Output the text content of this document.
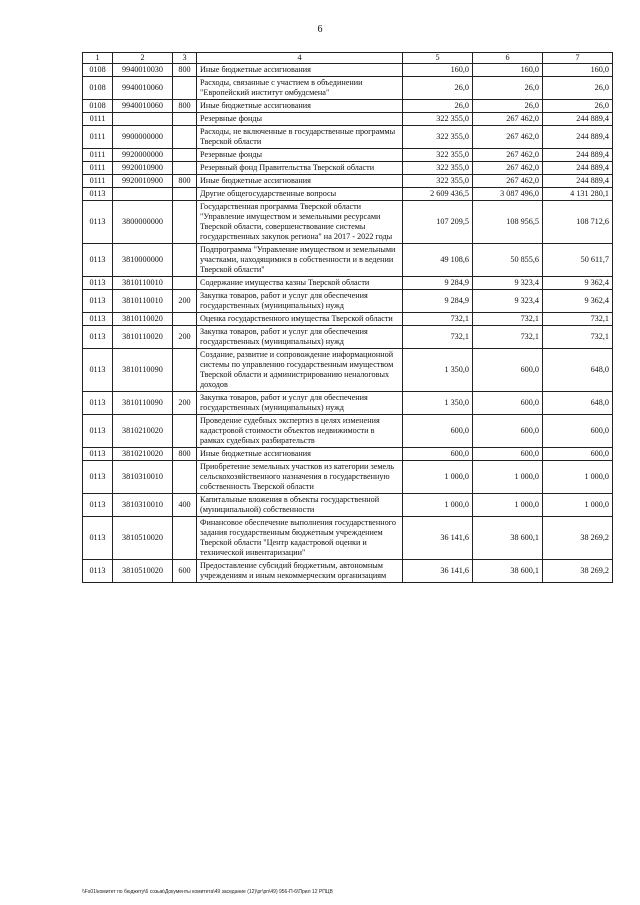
6
1	2	3	4	5	6	7
0108	9940010030	800	Иные бюджетные ассигнования	160,0	160,0	160,0
0108	9940010060		Расходы, связанные с участием в объединении "Европейский институт омбудсмена"	26,0	26,0	26,0
0108	9940010060	800	Иные бюджетные ассигнования	26,0	26,0	26,0
0111			Резервные фонды	322 355,0	267 462,0	244 889,4
0111	9900000000		Расходы, не включенные в государственные программы Тверской области	322 355,0	267 462,0	244 889,4
0111	9920000000		Резервные фонды	322 355,0	267 462,0	244 889,4
0111	9920010900		Резервный фонд Правительства Тверской области	322 355,0	267 462,0	244 889,4
0111	9920010900	800	Иные бюджетные ассигнования	322 355,0	267 462,0	244 889,4
0113			Другие общегосударственные вопросы	2 609 436,5	3 087 496,0	4 131 280,1
0113	3800000000		Государственная программа Тверской области "Управление имуществом и земельными ресурсами Тверской области, совершенствование системы государственных закупок региона" на 2017 - 2022 годы	107 209,5	108 956,5	108 712,6
0113	3810000000		Подпрограмма "Управление имуществом и земельными участками, находящимися в собственности и в ведении Тверской области"	49 108,6	50 855,6	50 611,7
0113	3810110010		Содержание имущества казны Тверской области	9 284,9	9 323,4	9 362,4
0113	3810110010	200	Закупка товаров, работ и услуг для обеспечения государственных (муниципальных) нужд	9 284,9	9 323,4	9 362,4
0113	3810110020		Оценка государственного имущества Тверской области	732,1	732,1	732,1
0113	3810110020	200	Закупка товаров, работ и услуг для обеспечения государственных (муниципальных) нужд	732,1	732,1	732,1
0113	3810110090		Создание, развитие и сопровождение информационной системы по управлению государственным имуществом Тверской области и администрированию неналоговых доходов	1 350,0	600,0	648,0
0113	3810110090	200	Закупка товаров, работ и услуг для обеспечения государственных (муниципальных) нужд	1 350,0	600,0	648,0
0113	3810210020		Проведение судебных экспертиз в целях изменения кадастровой стоимости объектов недвижимости в рамках судебных разбирательств	600,0	600,0	600,0
0113	3810210020	800	Иные бюджетные ассигнования	600,0	600,0	600,0
0113	3810310010		Приобретение земельных участков из категории земель сельскохозяйственного назначения в государственную собственность Тверской области	1 000,0	1 000,0	1 000,0
0113	3810310010	400	Капитальные вложения в объекты государственной (муниципальной) собственности	1 000,0	1 000,0	1 000,0
0113	3810510020		Финансовое обеспечение выполнения государственного задания государственным бюджетным учреждением Тверской области "Центр кадастровой оценки и технической инвентаризации"	36 141,6	38 600,1	38 269,2
0113	3810510020	600	Предоставление субсидий бюджетным, автономным учреждениям и иным некоммерческим организациям	36 141,6	38 600,1	38 269,2
\\Fs01\комитет по бюджету\6 созыв\Документы комитета\49 заседание (12)\рг\рп\49) 956-П-6\Прил 12 РПЦВ
